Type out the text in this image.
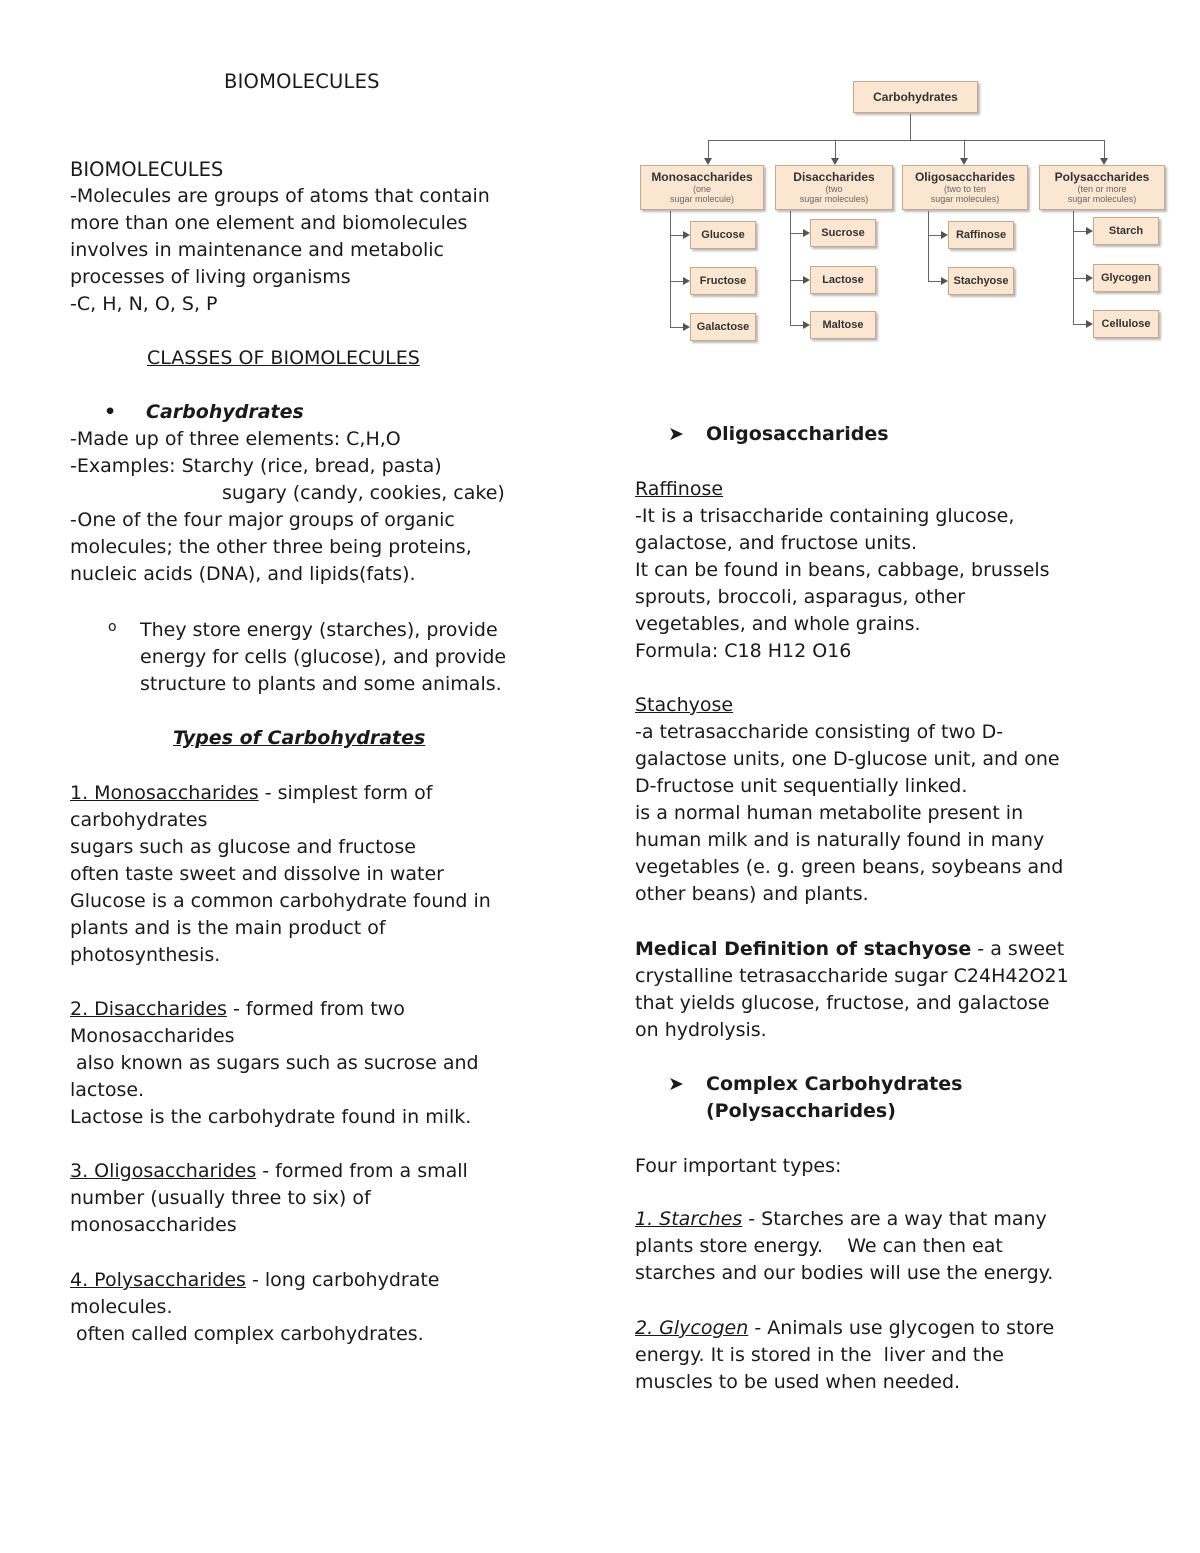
BIOMOLECULES
BIOMOLECULES
-Molecules are groups of atoms that contain
more than one element and biomolecules
involves in maintenance and metabolic
processes of living organisms
-C, H, N, O, S, P
CLASSES OF BIOMOLECULES
• Carbohydrates
-Made up of three elements: C,H,O
-Examples: Starchy (rice, bread, pasta)
sugary (candy, cookies, cake)
-One of the four major groups of organic
molecules; the other three being proteins,
nucleic acids (DNA), and lipids(fats).
o They store energy (starches), provide
energy for cells (glucose), and provide
structure to plants and some animals.
Types of Carbohydrates
1. Monosaccharides - simplest form of
carbohydrates
sugars such as glucose and fructose
often taste sweet and dissolve in water
Glucose is a common carbohydrate found in
plants and is the main product of
photosynthesis.
2. Disaccharides - formed from two
Monosaccharides
also known as sugars such as sucrose and
lactose.
Lactose is the carbohydrate found in milk.
3. Oligosaccharides - formed from a small
number (usually three to six) of
monosaccharides
4. Polysaccharides - long carbohydrate
molecules.
often called complex carbohydrates.
Carbohydrates
Monosaccharides
(one
sugar molecule)
Disaccharides
(two
sugar molecules)
Oligosaccharides
(two to ten
sugar molecules)
Polysaccharides
(ten or more
sugar molecules)
Glucose
Fructose
Galactose
Sucrose
Lactose
Maltose
Raffinose
Stachyose
Starch
Glycogen
Cellulose
➤ Oligosaccharides
Raffinose
-It is a trisaccharide containing glucose,
galactose, and fructose units.
It can be found in beans, cabbage, brussels
sprouts, broccoli, asparagus, other
vegetables, and whole grains.
Formula: C18 H12 O16
Stachyose
-a tetrasaccharide consisting of two D-
galactose units, one D-glucose unit, and one
D-fructose unit sequentially linked.
is a normal human metabolite present in
human milk and is naturally found in many
vegetables (e. g. green beans, soybeans and
other beans) and plants.
Medical Definition of stachyose - a sweet
crystalline tetrasaccharide sugar C24H42O21
that yields glucose, fructose, and galactose
on hydrolysis.
➤ Complex Carbohydrates
(Polysaccharides)
Four important types:
1. Starches - Starches are a way that many
plants store energy.    We can then eat
starches and our bodies will use the energy.
2. Glycogen - Animals use glycogen to store
energy. It is stored in the  liver and the
muscles to be used when needed.
